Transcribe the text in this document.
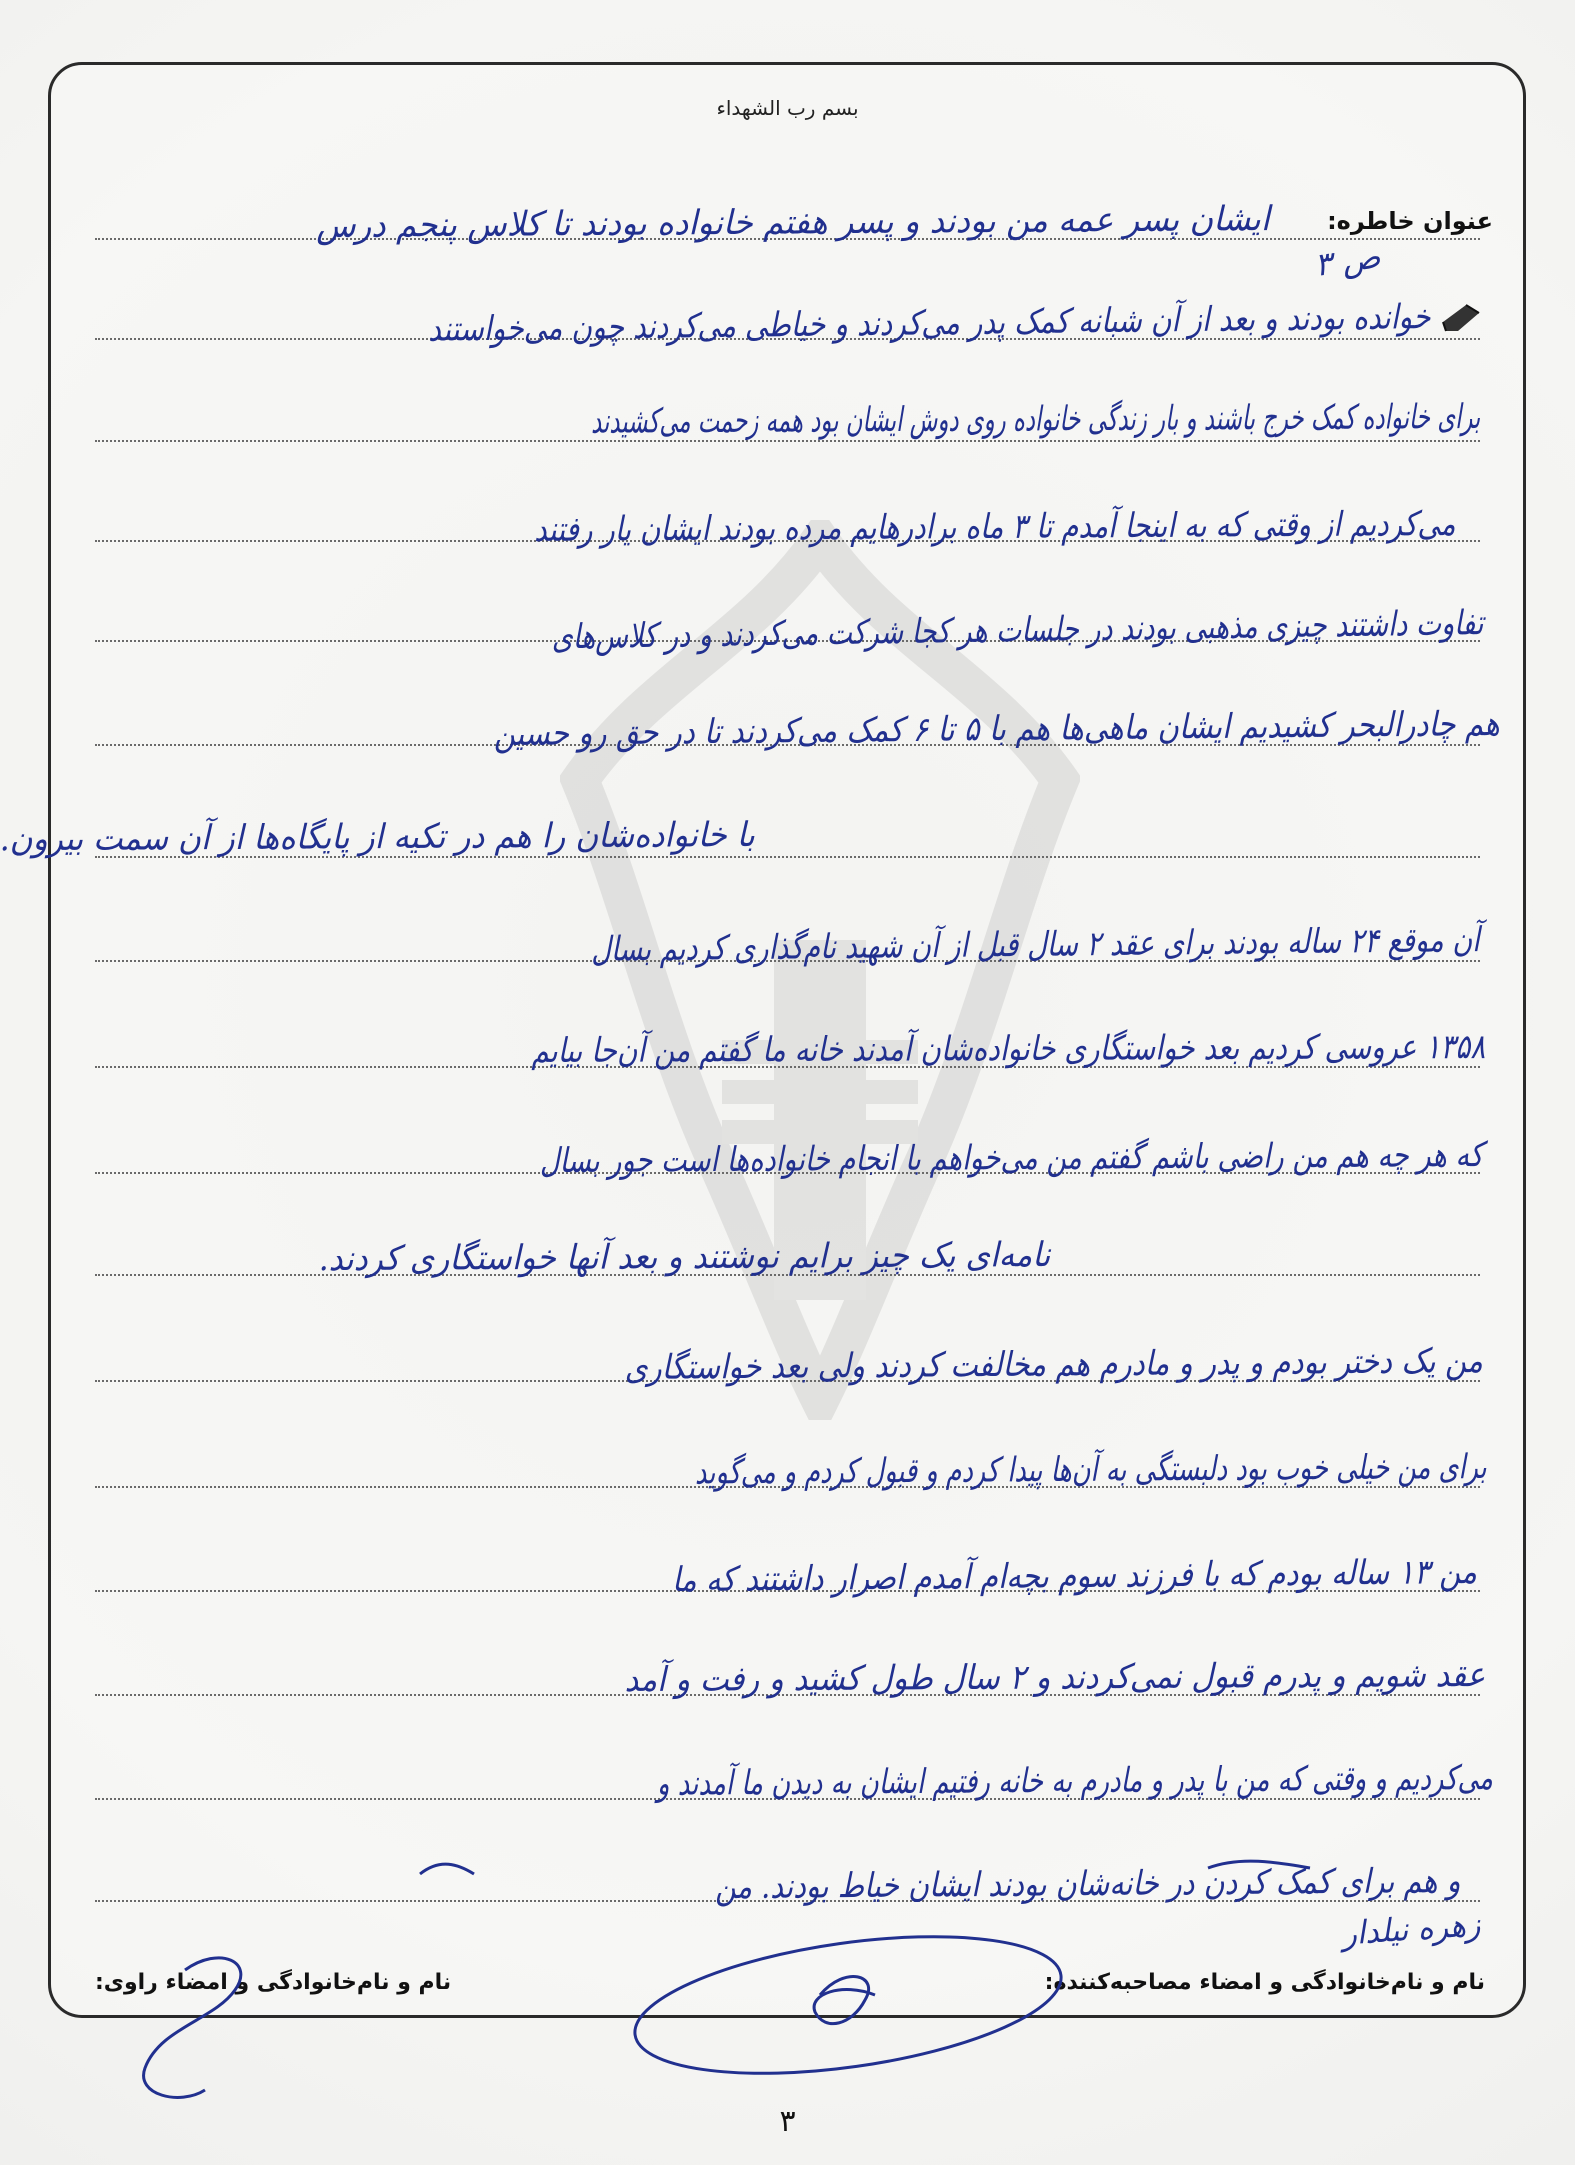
بسم رب الشهداء
عنوان خاطره:
ایشان پسر عمه من بودند و پسر هفتم خانواده بودند تا کلاس پنجم درس
خوانده بودند و بعد از آن شبانه کمک پدر می‌کردند و خیاطی می‌کردند چون می‌خواستند
برای خانواده کمک خرج باشند و بار زندگی خانواده روی دوش ایشان بود همه زحمت می‌کشیدند
می‌کردیم از وقتی که به اینجا آمدم تا ۳ ماه برادرهایم مرده بودند ایشان یار رفتند
تفاوت داشتند چیزی مذهبی بودند در جلسات هر کجا شرکت می‌کردند و در کلاس‌های
هم چادرالبحر کشیدیم ایشان ماهی‌ها هم با ۵ تا ۶ کمک می‌کردند تا در حق رو حسین
با خانواده‌شان را هم در تکیه از پایگاه‌ها از آن سمت بیرون.
آن موقع ۲۴ ساله بودند برای عقد ۲ سال قبل از آن شهید نام‌گذاری کردیم بسال
۱۳۵۸ عروسی کردیم بعد خواستگاری خانواده‌شان آمدند خانه ما گفتم من آن‌جا بیایم
که هر چه هم من راضی باشم گفتم من می‌خواهم با انجام خانواده‌ها است جور بسال
نامه‌ای یک چیز برایم نوشتند و بعد آنها خواستگاری کردند.
من یک دختر بودم و پدر و مادرم هم مخالفت کردند ولی بعد خواستگاری
برای من خیلی خوب بود دلبستگی به آن‌ها پیدا کردم و قبول کردم و می‌گوید
من ۱۳ ساله بودم که با فرزند سوم بچه‌ام آمدم اصرار داشتند که ما
عقد شویم و پدرم قبول نمی‌کردند و ۲ سال طول کشید و رفت و آمد
می‌کردیم و وقتی که من با پدر و مادرم به خانه رفتیم ایشان به دیدن ما آمدند و
و هم برای کمک کردن در خانه‌شان بودند ایشان خیاط بودند. من
ص ۳
زهره نیلدار
نام و نام‌خانوادگی و امضاء مصاحبه‌کننده:
نام و نام‌خانوادگی و امضاء راوی:
۳
